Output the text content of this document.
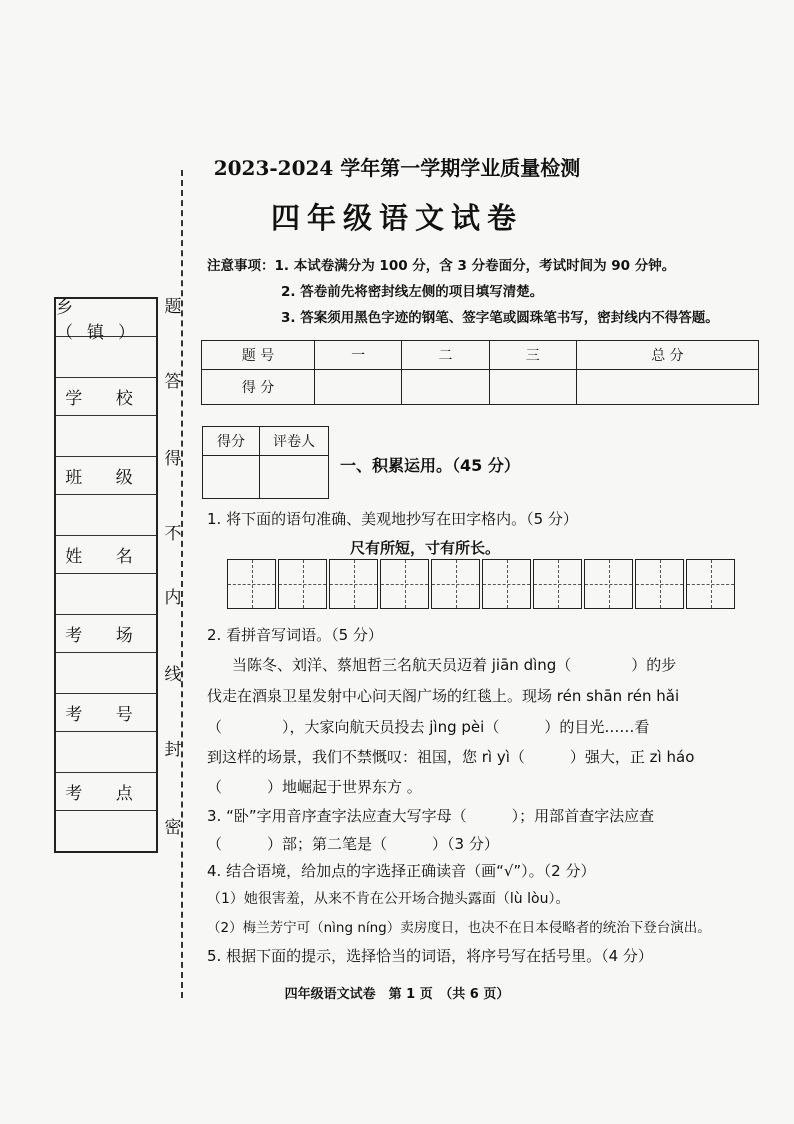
乡（镇）
学 校
班 级
姓 名
考 场
考 号
考 点
题
答
得
不
内
线
封
密
2023-2024 学年第一学期学业质量检测
四年级语文试卷
注意事项：1. 本试卷满分为 100 分，含 3 分卷面分，考试时间为 90 分钟。
2. 答卷前先将密封线左侧的项目填写清楚。
3. 答案须用黑色字迹的钢笔、签字笔或圆珠笔书写，密封线内不得答题。
题 号	一	二	三	总 分
得 分				
得分	评卷人

一、积累运用。（45 分）
1. 将下面的语句准确、美观地抄写在田字格内。（5 分）
尺有所短，寸有所长。
2. 看拼音写词语。（5 分）
当陈冬、刘洋、蔡旭哲三名航天员迈着 jiān dìng（　　　　）的步
伐走在酒泉卫星发射中心问天阁广场的红毯上。现场 rén shān rén hǎi
（　　　　），大家向航天员投去 jìng pèi（　　　）的目光……看
到这样的场景，我们不禁慨叹：祖国，您 rì yì（　　　）强大，正 zì háo
（　　　）地崛起于世界东方 。
3. “卧”字用音序查字法应查大写字母（　　　）；用部首查字法应查
（　　　）部；第二笔是（　　　）（3 分）
4. 结合语境，给加点的字选择正确读音（画“√”）。（2 分）
（1）她很害羞，从来不肯在公开场合抛头露面（lù lòu）。
（2）梅兰芳宁可（nìng níng）卖房度日，也决不在日本侵略者的统治下登台演出。
5. 根据下面的提示，选择恰当的词语，将序号写在括号里。（4 分）
四年级语文试卷　第 1 页　（共 6 页）
